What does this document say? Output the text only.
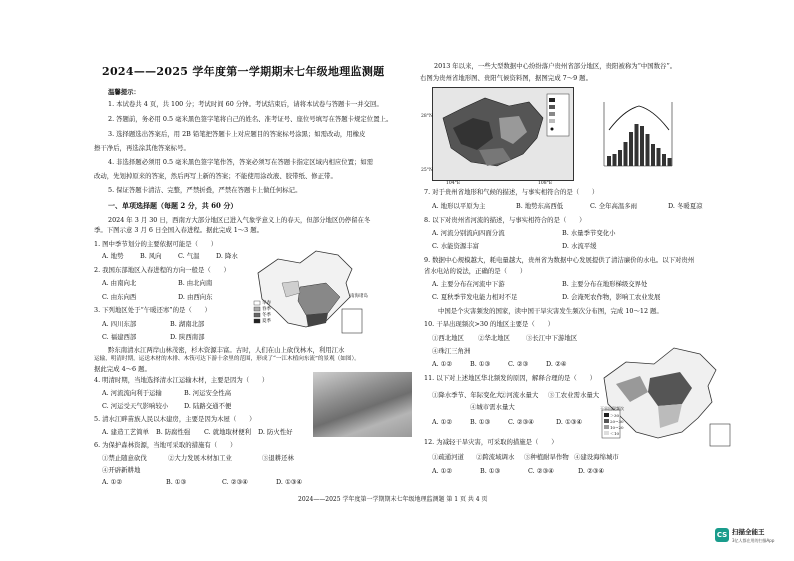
2024——2025 学年度第一学期期末七年级地理监测题
温馨提示：
1. 本试卷共 4 页，共 100 分；考试时间 60 分钟。考试结束后，请将本试卷与答题卡一并交回。
2. 答题前，务必用 0.5 毫米黑色签字笔将自己的姓名、准考证号、座位号填写在答题卡规定位置上。
3. 选择题选出答案后，用 2B 铅笔把答题卡上对应题目的答案标号涂黑；如需改动，用橡皮
擦干净后，再选涂其他答案标号。
4. 非选择题必须用 0.5 毫米黑色签字笔作答，答案必须写在答题卡指定区域内相应位置；如需
改动，先划掉原来的答案，然后再写上新的答案；不能使用涂改液、胶带纸、修正带。
5. 保证答题卡清洁、完整，严禁折叠，严禁在答题卡上做任何标记。
一、单项选择题（每题 2 分，共 60 分）
2024 年 3 月 30 日，西南方大部分地区已进入气象学意义上的春天，但部分地区仍停留在冬
季。下图示意 3 月 6 日全国入春进程。据此完成 1～3 题。
1. 图中季节划分的主要依据可能是（　　）
A. 地势	B. 风向	C. 气温	D. 降水
2. 我国东部地区入春进程的方向一般是（　　）
A. 由南向北	B. 由北向南
C. 由东向西	D. 由西向东
3. 下列地区处于“午暖还寒”的是（　　）
A. 四川东部	B. 湖南北部
C. 福建西部	D. 陕西南部
黔东南清水江两岸山林茂密，杉木资源丰富。古时，人们在山上砍伐林木，利用江水
运输，明清时期，运送木材的木排、木筏可达下游十余里的范围，形成了“一江木植向东流”的景观（如图）。
据此完成 4～6 题。
4. 明清时期，当地选择清水江运输木材，主要是因为（　　）
A. 河流流向利于运输	B. 河运安全性高
C. 河运受天气影响较小 D. 陆路交通不便
5. 清水江畔苗族人民以木建房，主要是因为木屋（　　）
A. 建造工艺简单 B. 防腐性强 C. 就地取材便利 D. 防火性好
6. 为保护森林资源，当地可采取的措施有（　　）
①禁止随意砍伐	②大力发展木材加工业	③退耕还林
④开辟新耕地
A. ①②	B. ①③	C. ②③④	D. ①③④
早春
春季
冬季
夏季
南海诸岛
2013 年以来，一些大型数据中心纷纷落户贵州省部分地区，贵阳被称为“中国数谷”。
右图为贵州省地形图、贵阳气候资料图，据图完成 7～9 题。
28°N
25°N
104°E	108°E
7. 对于贵州省地形和气候的描述，与事实相符合的是（　　）
A. 地形以平原为主	B. 地势东高西低	C. 全年高温多雨	D. 冬暖夏凉
8. 以下对贵州省河流的描述，与事实相符合的是（　　）
A. 河流分别流向四面分流	B. 水量季节变化小
C. 水能资源丰富	D. 水流平缓
9. 数据中心规模越大，耗电量越大，贵州省为数据中心发展提供了清洁廉价的水电。以下对贵州
省水电站的说法，正确的是（　　）
A. 主要分布在河流中下游	B. 主要分布在地形梯级交界处
C. 夏秋季节发电能力相对不足	D. 会淹死农作物，影响工农业发展
中国是个灾害频发的国家，读中国干旱灾害发生频次分布图，完成 10～12 题。
10. 干旱出现频次>30 的地区主要是（　　）
①西北地区 ②华北地区	③长江中下游地区
④珠江三角洲
A. ①②	B. ①③	C. ②③	D. ②④
11. 以下对上述地区华北频发的原因，解释合理的是（　　）
①降水季节、年际变化大
②河流水量大 ③工农业需水量大
④城市需水量大
A. ①②	B. ①③	C. ②③④	D. ①③④
12. 为减轻干旱灾害，可采取的措施是（　　）
①疏通河道 ②跨流域调水 ③种植耐旱作物 ④建设海绵城市
A. ①②	B. ①③	C. ②③④	D. ②③④
干旱出现频次
＞30
20~30
10~20
＜10
2024——2025 学年度第一学期期末七年级地理监测题 第 1 页 共 4 页
CS 扫描全能王
3亿人都在用的扫描App
